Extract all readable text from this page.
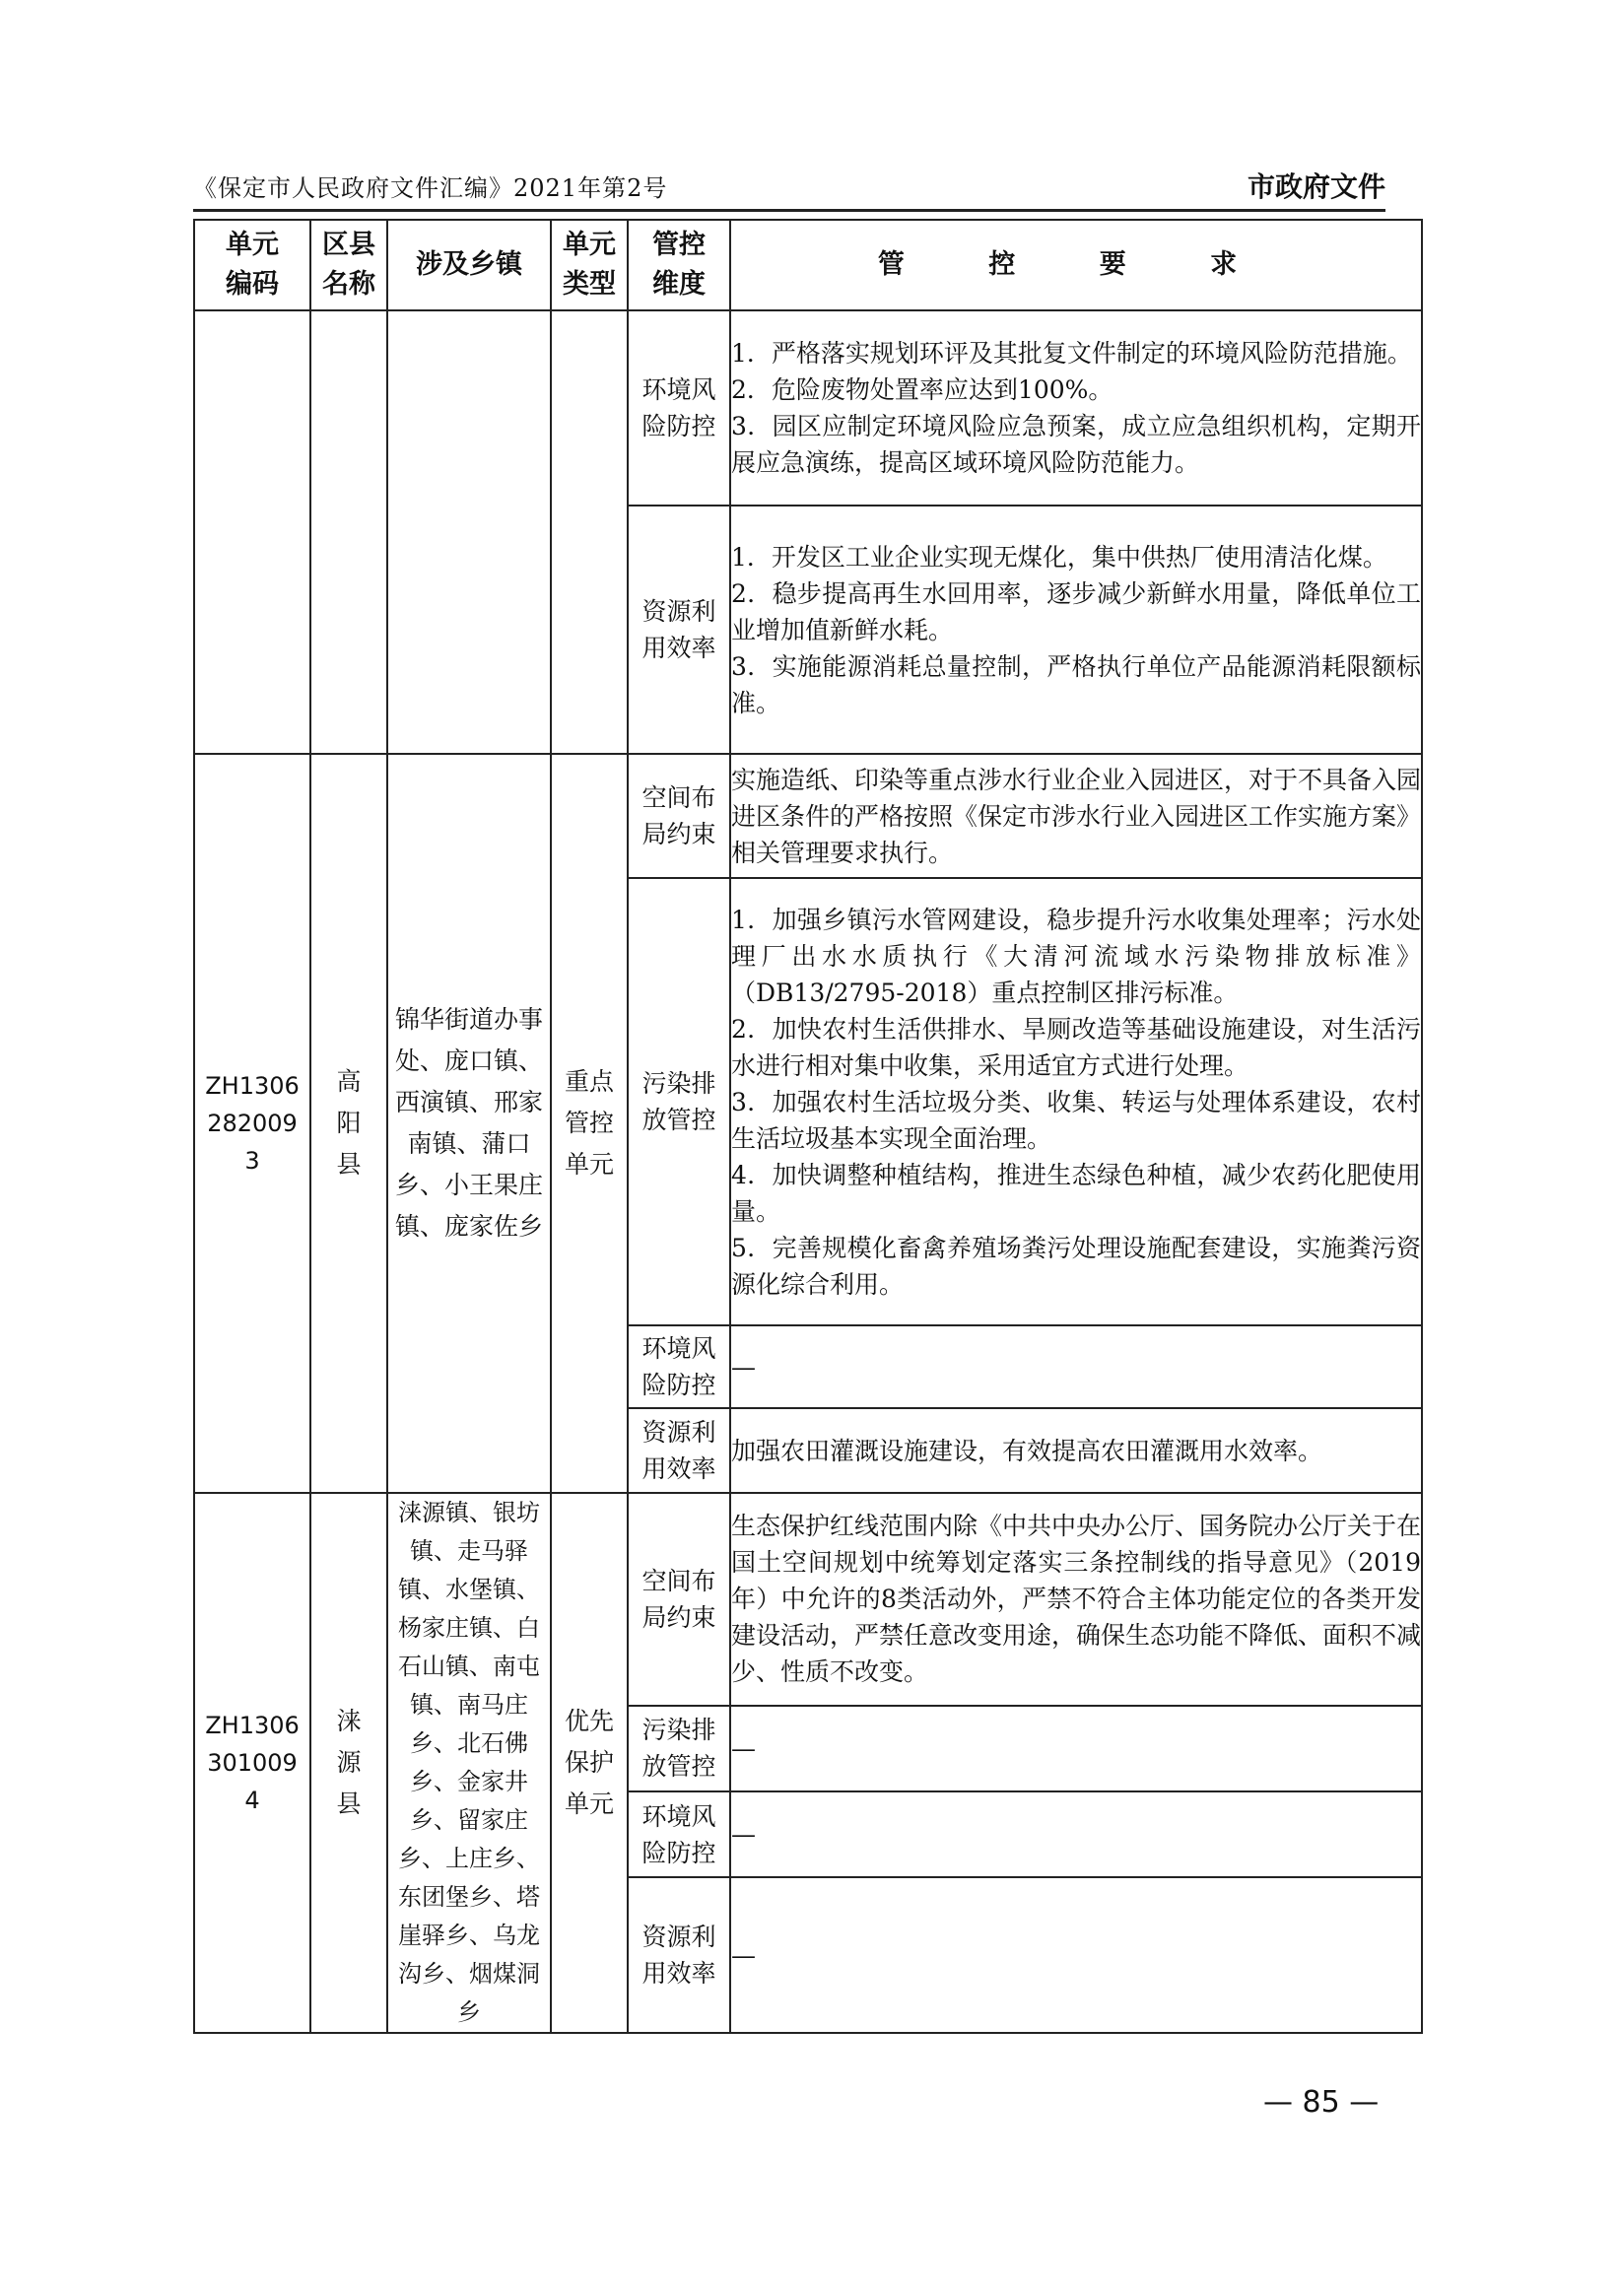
《保定市人民政府文件汇编》2021年第2号	市政府文件
单元编码	区县名称	涉及乡镇	单元类型	管控维度	管 控 要 求

				环境风险防控	1．严格落实规划环评及其批复文件制定的环境风险防范措施。

2．危险废物处置率应达到100%。

3．园区应制定环境风险应急预案，成立应急组织机构，定期开展应急演练，提高区域环境风险防范能力。

				资源利用效率	1．开发区工业企业实现无煤化，集中供热厂使用清洁化煤。

2．稳步提高再生水回用率，逐步减少新鲜水用量，降低单位工业增加值新鲜水耗。

3．实施能源消耗总量控制，严格执行单位产品能源消耗限额标准。

ZH13062820093	高阳县	锦华街道办事处、庞口镇、西演镇、邢家南镇、蒲口乡、小王果庄镇、庞家佐乡	重点管控单元	空间布局约束	实施造纸、印染等重点涉水行业企业入园进区，对于不具备入园进区条件的严格按照《保定市涉水行业入园进区工作实施方案》相关管理要求执行。

				污染排放管控	1．加强乡镇污水管网建设，稳步提升污水收集处理率；污水处理厂出水水质执行《大清河流域水污染物排放标准》（DB13/2795-2018）重点控制区排污标准。

2．加快农村生活供排水、旱厕改造等基础设施建设，对生活污水进行相对集中收集，采用适宜方式进行处理。

3．加强农村生活垃圾分类、收集、转运与处理体系建设，农村生活垃圾基本实现全面治理。

4．加快调整种植结构，推进生态绿色种植，减少农药化肥使用量。

5．完善规模化畜禽养殖场粪污处理设施配套建设，实施粪污资源化综合利用。

				环境风险防控	—

				资源利用效率	加强农田灌溉设施建设，有效提高农田灌溉用水效率。

ZH13063010094	涞源县	涞源镇、银坊镇、走马驿镇、水堡镇、杨家庄镇、白石山镇、南屯镇、南马庄乡、北石佛乡、金家井乡、留家庄乡、上庄乡、东团堡乡、塔崖驿乡、乌龙沟乡、烟煤洞乡	优先保护单元	空间布局约束	生态保护红线范围内除《中共中央办公厅、国务院办公厅关于在国土空间规划中统筹划定落实三条控制线的指导意见》（2019年）中允许的8类活动外，严禁不符合主体功能定位的各类开发建设活动，严禁任意改变用途，确保生态功能不降低、面积不减少、性质不改变。

				污染排放管控	—

				环境风险防控	—

				资源利用效率	—

— 85 —
